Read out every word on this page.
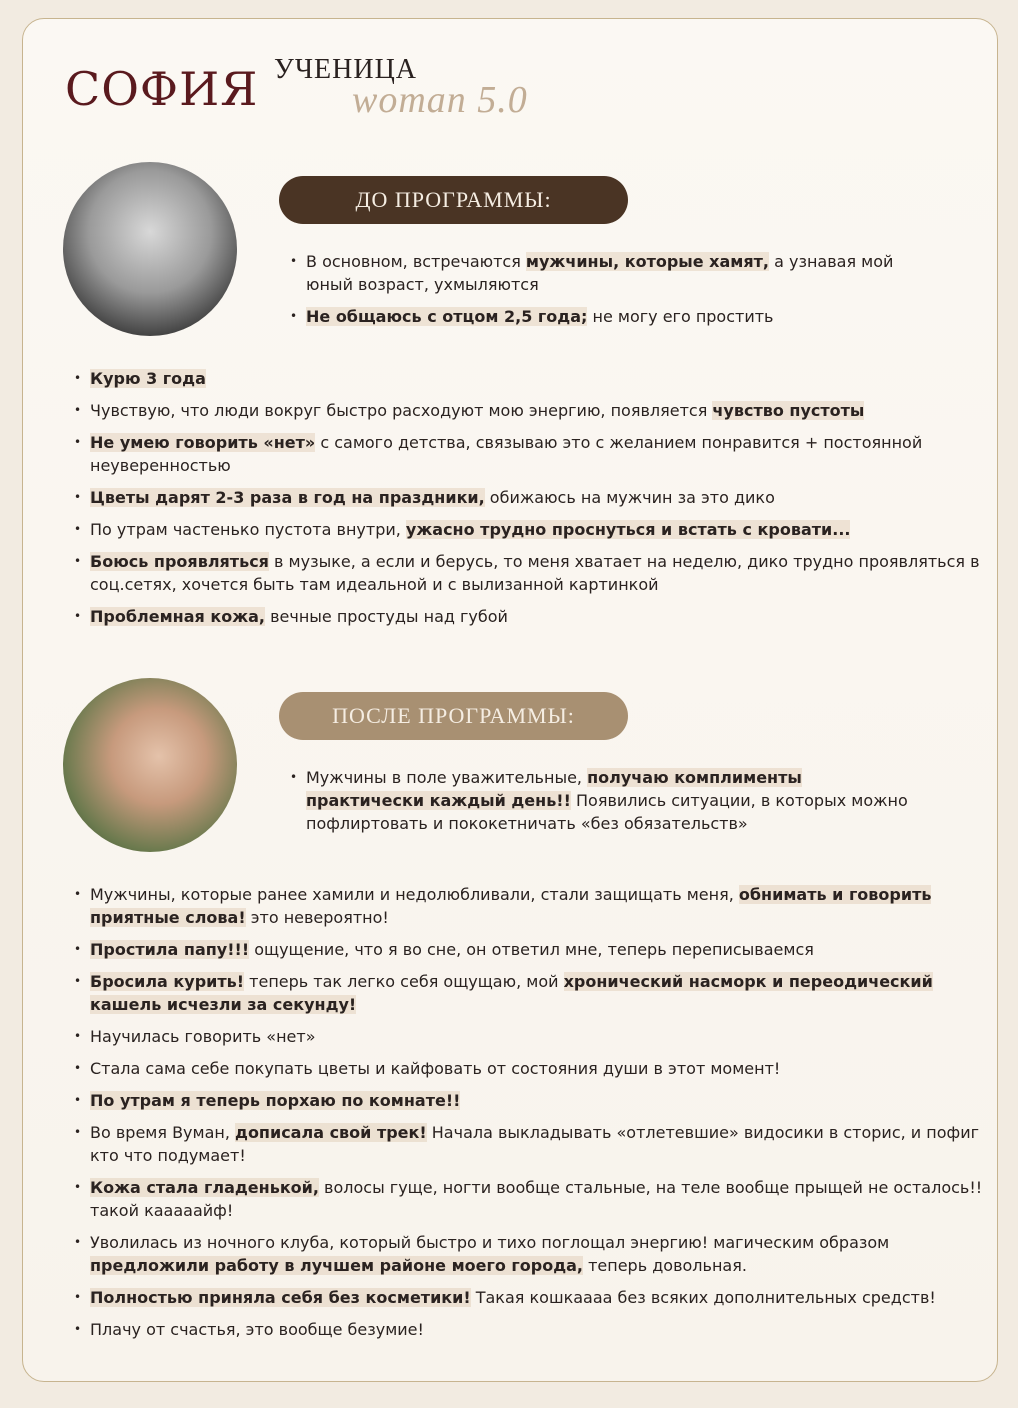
СОФИЯ УЧЕНИЦА
woman 5.0
ДО ПРОГРАММЫ:
• В основном, встречаются мужчины, которые хамят, а узнавая мой юный возраст, ухмыляются
• Не общаюсь с отцом 2,5 года; не могу его простить
• Курю 3 года
• Чувствую, что люди вокруг быстро расходуют мою энергию, появляется чувство пустоты
• Не умею говорить «нет» с самого детства, связываю это с желанием понравится + постоянной неуверенностью
• Цветы дарят 2-3 раза в год на праздники, обижаюсь на мужчин за это дико
• По утрам частенько пустота внутри, ужасно трудно проснуться и встать с кровати...
• Боюсь проявляться в музыке, а если и берусь, то меня хватает на неделю, дико трудно проявляться в соц.сетях, хочется быть там идеальной и с вылизанной картинкой
• Проблемная кожа, вечные простуды над губой
ПОСЛЕ ПРОГРАММЫ:
• Мужчины в поле уважительные, получаю комплименты практически каждый день!! Появились ситуации, в которых можно пофлиртовать и пококетничать «без обязательств»
• Мужчины, которые ранее хамили и недолюбливали, стали защищать меня, обнимать и говорить приятные слова! это невероятно!
• Простила папу!!! ощущение, что я во сне, он ответил мне, теперь переписываемся
• Бросила курить! теперь так легко себя ощущаю, мой хронический насморк и переодический кашель исчезли за секунду!
• Научилась говорить «нет»
• Стала сама себе покупать цветы и кайфовать от состояния души в этот момент!
• По утрам я теперь порхаю по комнате!!
• Во время Вуман, дописала свой трек! Начала выкладывать «отлетевшие» видосики в сторис, и пофиг кто что подумает!
• Кожа стала гладенькой, волосы гуще, ногти вообще стальные, на теле вообще прыщей не осталось!! такой кааааайф!
• Уволилась из ночного клуба, который быстро и тихо поглощал энергию! магическим образом предложили работу в лучшем районе моего города, теперь довольная.
• Полностью приняла себя без косметики! Такая кошкаааа без всяких дополнительных средств!
• Плачу от счастья, это вообще безумие!
